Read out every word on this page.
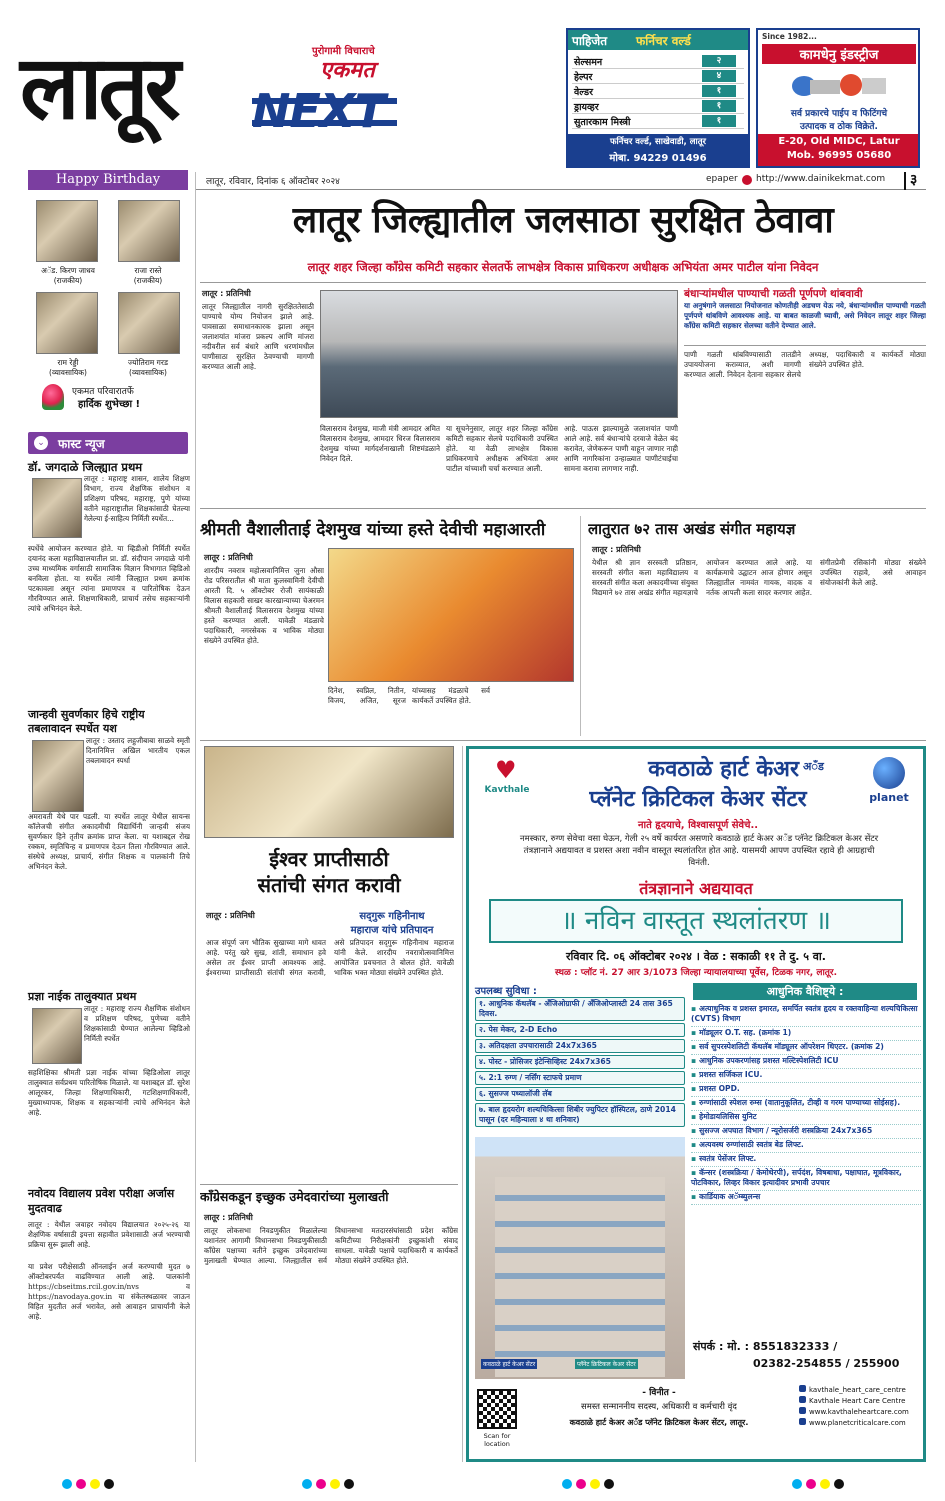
लातूर	पुरोगामी विचाराचे
एकमत
NEXT
पाहिजेत फर्निचर वर्ल्ड
सेल्समन	२
हेल्पर	४
वेल्डर	१
ड्रायव्हर	१
सुतारकाम मिस्त्री	१
फर्निचर वर्ल्ड, साखेवाडी, लातूर
मोबा. 94229 01496
Since 1982...
कामधेनु इंडस्ट्रीज
सर्व प्रकारचे पाईप व फिटिंगचे
उत्पादक व ठोक विक्रेते.
E-20, Old MIDC, Latur
Mob. 96995 05680
लातूर, रविवार, दिनांक ६ ऑक्टोबर २०२४	epaper http://www.dainikekmat.com ३
Happy Birthday
अॅड. किरण जाधव
(राजकीय)
राजा रास्ते
(राजकीय)
राम रेड्डी
(व्यावसायिक)
ज्योतिराम गरड
(व्यावसायिक)
एकमत परिवारातर्फे
हार्दिक शुभेच्छा !
⌄ फास्ट न्यूज
डॉ. जगदाळे जिल्ह्यात प्रथम
लातूर : महाराष्ट्र शासन, शालेय शिक्षण विभाग, राज्य शैक्षणिक संशोधन व प्रशिक्षण परिषद, महाराष्ट्र, पुणे यांच्या वतीने महाराष्ट्रातील शिक्षकांसाठी घेतल्या गेलेल्या ई-साहित्य निर्मिती स्पर्धेत...
स्पर्धेचे आयोजन करण्यात होते. या व्हिडीओ निर्मिती स्पर्धेत दयानंद कला महाविद्यालयातील प्रा. डॉ. संदीपान जगदाळे यांनी उच्च माध्यमिक वर्गासाठी सामाजिक विज्ञान विभागात व्हिडिओ बनविला होता. या स्पर्धेत त्यांनी जिल्ह्यात प्रथम क्रमांक पटकावला असून त्यांना प्रमाणपत्र व पारितोषिक देऊन गौरविण्यात आले. शिक्षणाधिकारी, प्राचार्य तसेच सहकाऱ्यांनी त्यांचे अभिनंदन केले.
जान्हवी सुवर्णकार हिचे राष्ट्रीय तबलावादन स्पर्धेत यश
लातूर : उस्ताद लहुजीबाबा साळवे स्मृती दिनानिमित्त अखिल भारतीय एकल तबलावादन स्पर्धा
अमरावती येथे पार पडली. या स्पर्धेत लातूर येथील सायन्स कॉलेजची संगीत अकादमीची विद्यार्थिनी जान्हवी संजय सुवर्णकार हिने तृतीय क्रमांक प्राप्त केला. या यशाबद्दल रोख रक्कम, स्मृतिचिन्ह व प्रमाणपत्र देऊन तिला गौरविण्यात आले. संस्थेचे अध्यक्ष, प्राचार्य, संगीत शिक्षक व पालकांनी तिचे अभिनंदन केले.
प्रज्ञा नाईक तालुक्यात प्रथम
लातूर : महाराष्ट्र राज्य शैक्षणिक संशोधन व प्रशिक्षण परिषद, पुणेच्या वतीने शिक्षकांसाठी घेण्यात आलेल्या व्हिडिओ निर्मिती स्पर्धेत
सहशिक्षिका श्रीमती प्रज्ञा नाईक यांच्या व्हिडिओला लातूर तालुक्यात सर्वप्रथम पारितोषिक मिळाले. या यशाबद्दल डॉ. सुरेश आलूरकर, जिल्हा शिक्षणाधिकारी, गटशिक्षणाधिकारी, मुख्याध्यापक, शिक्षक व सहकाऱ्यांनी त्यांचे अभिनंदन केले आहे.
नवोदय विद्यालय प्रवेश परीक्षा अर्जास मुदतवाढ
लातूर : येथील जवाहर नवोदय विद्यालयात २०२५-२६ या शैक्षणिक वर्षासाठी इयत्ता सहावीत प्रवेशासाठी अर्ज भरण्याची प्रक्रिया सुरू झाली आहे.
या प्रवेश परीक्षेसाठी ऑनलाईन अर्ज करण्याची मुदत ७ ऑक्टोबरपर्यंत वाढविण्यात आली आहे. पालकांनी https://cbseitms.rcil.gov.in/nvs व https://navodaya.gov.in या संकेतस्थळावर जाऊन विहित मुदतीत अर्ज भरावेत, असे आवाहन प्राचार्यांनी केले आहे.
लातूर जिल्ह्यातील जलसाठा सुरक्षित ठेवावा
लातूर शहर जिल्हा कॉंग्रेस कमिटी सहकार सेलतर्फे लाभक्षेत्र विकास प्राधिकरण अधीक्षक अभियंता अमर पाटील यांना निवेदन
लातूर : प्रतिनिधी
लातूर जिल्ह्यातील नागरी सुरक्षिततेसाठी पाण्याचे योग्य नियोजन झाले आहे. पावसाळा समाधानकारक झाला असून जलाशयांत मांजरा प्रकल्प आणि मांजरा नदीवरील सर्व बंधारे आणि धरणांमधील पाणीसाठा सुरक्षित ठेवण्याची मागणी करण्यात आली आहे.
विलासराव देशमुख, माजी मंत्री आमदार अमित विलासराव देशमुख, आमदार धिरज विलासराव देशमुख यांच्या मार्गदर्शनाखाली शिष्टमंडळाने निवेदन दिले.
या सूचनेनुसार, लातूर शहर जिल्हा कॉंग्रेस कमिटी सहकार सेलचे पदाधिकारी उपस्थित होते. या वेळी लाभक्षेत्र विकास प्राधिकरणाचे अधीक्षक अभियंता अमर पाटील यांच्याशी चर्चा करण्यात आली.
आहे. पाऊस झाल्यामुळे जलाशयांत पाणी आले आहे. सर्व बंधाऱ्यांचे दरवाजे वेळेत बंद करावेत, जेणेकरून पाणी वाहून जाणार नाही आणि नागरिकांना उन्हाळ्यात पाणीटंचाईचा सामना करावा लागणार नाही.
बंधाऱ्यांमधील पाण्याची गळती पूर्णपणे थांबवावी
या अनुषंगाने जलसाठा नियोजनात कोणतीही अडचण येऊ नये, बंधाऱ्यांमधील पाण्याची गळती पूर्णपणे थांबविणे आवश्यक आहे. या बाबत काळजी घ्यावी, असे निवेदन लातूर शहर जिल्हा कॉंग्रेस कमिटी सहकार सेलच्या वतीने देण्यात आले.
पाणी गळती थांबविण्यासाठी तातडीने उपाययोजना कराव्यात, अशी मागणी करण्यात आली. निवेदन देताना सहकार सेलचे अध्यक्ष, पदाधिकारी व कार्यकर्ते मोठ्या संख्येने उपस्थित होते.
श्रीमती वैशालीताई देशमुख यांच्या हस्ते देवीची महाआरती
लातूर : प्रतिनिधी
शारदीय नवरात्र महोत्सवानिमित्त जुना औसा रोड परिसरातील श्री माता कुलस्वामिनी देवीची आरती दि. ५ ऑक्टोबर रोजी सायंकाळी विलास सहकारी साखर कारखान्याच्या चेअरमन श्रीमती वैशालीताई विलासराव देशमुख यांच्या हस्ते करण्यात आली. यावेळी मंडळाचे पदाधिकारी, नगरसेवक व भाविक मोठ्या संख्येने उपस्थित होते.
दिनेश, स्वप्निल, नितीन, विजय, अजित, सूरज यांच्यासह मंडळाचे सर्व कार्यकर्ते उपस्थित होते.
लातुरात ७२ तास अखंड संगीत महायज्ञ
लातूर : प्रतिनिधी
येथील श्री ज्ञान सरस्वती प्रतिष्ठान, सरस्वती संगीत कला महाविद्यालय व सरस्वती संगीत कला अकादमीच्या संयुक्त विद्यमाने ७२ तास अखंड संगीत महायज्ञाचे आयोजन करण्यात आले आहे. या कार्यक्रमाचे उद्घाटन आज होणार असून जिल्ह्यातील नामवंत गायक, वादक व नर्तक आपली कला सादर करणार आहेत. संगीतप्रेमी रसिकांनी मोठ्या संख्येने उपस्थित राहावे, असे आवाहन संयोजकांनी केले आहे.
ईश्वर प्राप्तीसाठी
संतांची संगत करावी
सद्‌गुरू गहिनीनाथ
महाराज यांचे प्रतिपादन
लातूर : प्रतिनिधी
आज संपूर्ण जग भौतिक सुखाच्या मागे धावत आहे. परंतु खरे सुख, शांती, समाधान हवे असेल तर ईश्वर प्राप्ती आवश्यक आहे. ईश्वराच्या प्राप्तीसाठी संतांची संगत करावी, असे प्रतिपादन सद्‌गुरू गहिनीनाथ महाराज यांनी केले. शारदीय नवरात्रोत्सवानिमित्त आयोजित प्रवचनात ते बोलत होते. यावेळी भाविक भक्त मोठ्या संख्येने उपस्थित होते.
कॉंग्रेसकडून इच्छुक उमेदवारांच्या मुलाखती
लातूर : प्रतिनिधी
लातूर लोकसभा निवडणुकीत मिळालेल्या यशानंतर आगामी विधानसभा निवडणुकीसाठी कॉंग्रेस पक्षाच्या वतीने इच्छुक उमेदवारांच्या मुलाखती घेण्यात आल्या. जिल्ह्यातील सर्व विधानसभा मतदारसंघांसाठी प्रदेश कॉंग्रेस कमिटीच्या निरीक्षकांनी इच्छुकांशी संवाद साधला. यावेळी पक्षाचे पदाधिकारी व कार्यकर्ते मोठ्या संख्येने उपस्थित होते.
♥
Kavthale
planet
कवठाळे हार्ट केअर अॅंड
प्लॅनेट क्रिटिकल केअर सेंटर
नाते हृदयाचे, विश्वासपूर्ण सेवेचे..
नमस्कार, रुग्ण सेवेचा वसा घेऊन, गेली २५ वर्षे कार्यरत असणारे कवठाळे हार्ट केअर अॅंड प्लॅनेट क्रिटिकल केअर सेंटर तंत्रज्ञानाने अद्ययावत व प्रशस्त अशा नवीन वास्तूत स्थलांतरित होत आहे. यासमयी आपण उपस्थित रहावे ही आग्रहाची विनंती.
तंत्रज्ञानाने अद्ययावत
॥ नविन वास्तूत स्थलांतरण ॥
रविवार दि. ०६ ऑक्टोबर २०२४ । वेळ : सकाळी ११ ते दु. ५ वा.
स्थळ : प्लॉट नं. 27 आर 3/1073 जिल्हा न्यायालयाच्या पूर्वेस, टिळक नगर, लातूर.
उपलब्ध सुविधा :
१. आधुनिक कॅथलॅब - अँजिओग्राफी / अँजिओप्लास्टी 24 तास 365 दिवस.
२. पेस मेकर, 2-D Echo
३. अतिदक्षता उपचारासाठी 24x7x365
४. पोस्ट - प्रोसिजर इंटेन्सिव्हिस्ट 24x7x365
५. 2:1 रुग्ण / नर्सिंग स्टाफचे प्रमाण
६. सुसज्ज पथ्यालॉजी लॅब
७. बाल हृदयरोग शल्यचिकित्सा शिबीर ज्युपिटर हॉस्पिटल, ठाणे 2014 पासून (दर महिन्याला ४ था शनिवार)
कवठाळे हार्ट केअर सेंटर	प्लॅनेट क्रिटिकल केअर सेंटर
आधुनिक वैशिष्ट्ये :
▪ अत्याधुनिक व प्रशस्त इमारत, समर्पित स्वतंत्र हृदय व रक्तवाहिन्या शल्यचिकित्सा (CVTS) विभाग
▪ मॉड्यूलर O.T. सह. (क्रमांक 1)
▪ सर्व सुपरस्पेशलिटी कॅथलॅब मॉड्यूलर ऑपरेशन थिएटर. (क्रमांक 2)
▪ आधुनिक उपकरणांसह प्रशस्त मल्टिस्पेशलिटी ICU
▪ प्रशस्त सर्जिकल ICU.
▪ प्रशस्त OPD.
▪ रुग्णांसाठी स्पेशल रुम्स (वातानुकूलित, टीव्ही व गरम पाण्याच्या सोईसह).
▪ हेमोडायलिसिस युनिट
▪ सुसज्ज अपघात विभाग / न्यूरोसर्जरी शस्त्रक्रिया 24x7x365
▪ अत्यवस्थ रुग्णांसाठी स्वतंत्र बेड लिफ्ट.
▪ स्वतंत्र पेसेंजर लिफ्ट.
▪ कॅन्सर (शस्त्रक्रिया / केमोथेरपी), सर्पदंश, विषबाधा, पक्षाघात, मूत्रविकार, पोटविकार, लिव्हर विकार इत्यादीवर प्रभावी उपचार
▪ कार्डियाक अॅम्ब्युलन्स
संपर्क : मो. : 8551832333 /
02382-254855 / 255900
Scan for location
- विनीत -
समस्त सन्माननीय सदस्य, अधिकारी व कर्मचारी वृंद
कवठाळे हार्ट केअर अॅंड प्लॅनेट क्रिटिकल केअर सेंटर, लातूर.
kavthale_heart_care_centre
Kavthale Heart Care Centre
www.kavthaleheartcare.com
www.planetcriticalcare.com
